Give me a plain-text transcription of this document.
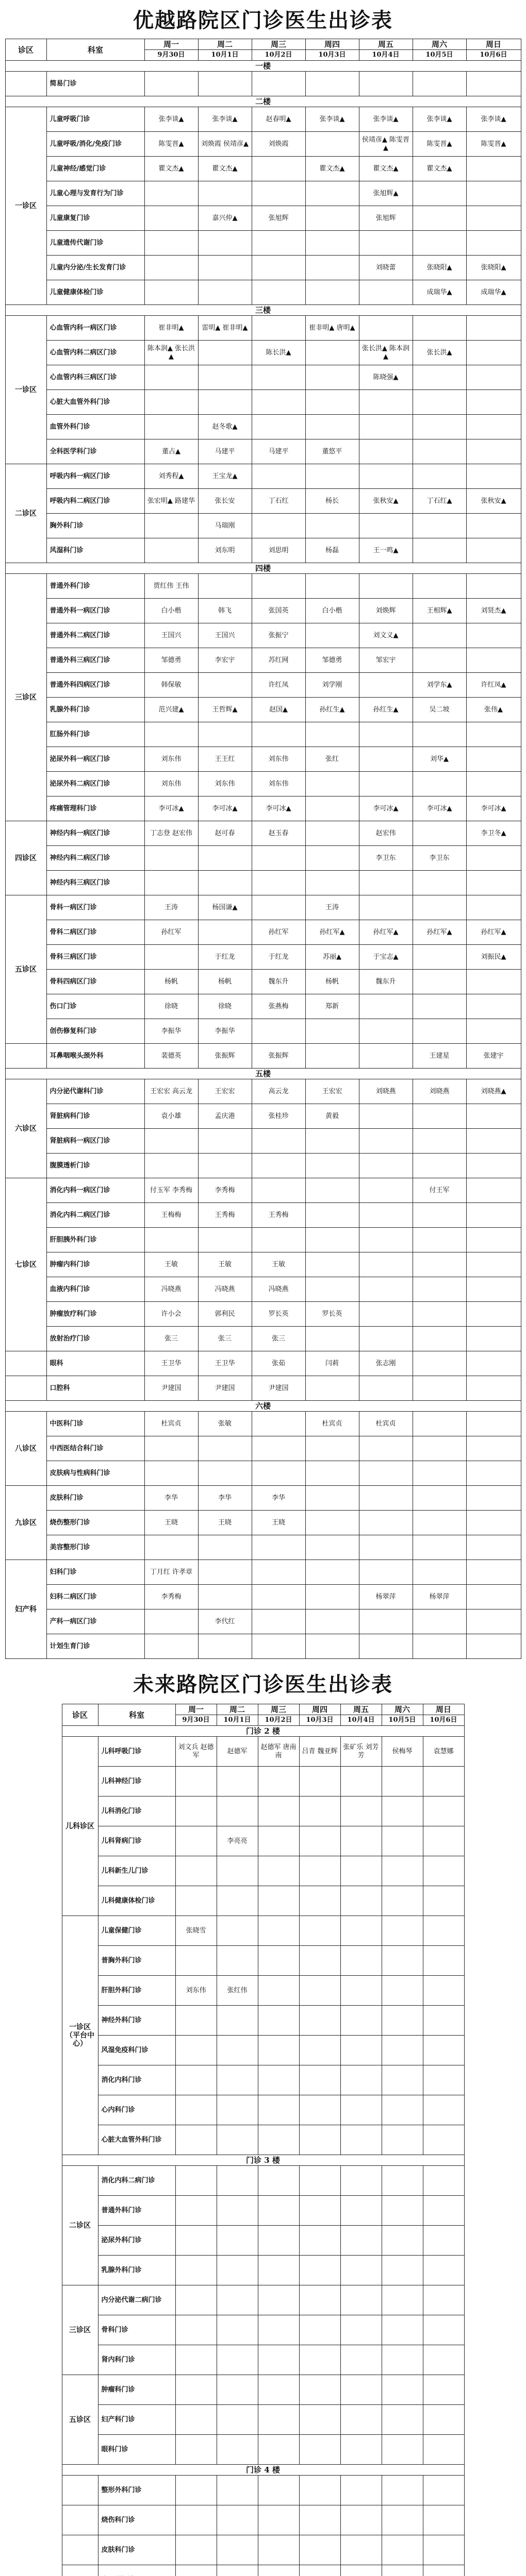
优越路院区门诊医生出诊表
诊区	科室	周一	周二	周三	周四	周五	周六	周日
		9月30日	10月1日	10月2日	10月3日	10月4日	10月5日	10月6日
一楼								
	简易门诊							
二楼								
一诊区	儿童呼吸门诊	张李谈▲	张李谈▲	赵春明▲	张李谈▲	张李谈▲	张李谈▲	张李谈▲
	儿童呼吸/消化/免疫门诊	陈雯晋▲	刘焕霞 侯靖彦▲	刘焕霞		侯靖彦▲ 陈雯晋▲	陈雯晋▲	陈雯晋▲
	儿童神经/感觉门诊	瞿文杰▲	瞿文杰▲		瞿文杰▲	瞿文杰▲	瞿文杰▲	
	儿童心理与发育行为门诊					张旭辉▲		
	儿童康复门诊		嘉兴仲▲	张旭辉		张旭辉		
	儿童遗传代谢门诊							
	儿童内分泌/生长发育门诊					刘晓蕾	张晓阳▲	张晓阳▲
	儿童健康体检门诊						成瑞华▲	成瑞华▲
三楼								
一诊区	心血管内科一病区门诊	崔非明▲	雷明▲ 崔非明▲		崔非明▲ 唐明▲			
	心血管内科二病区门诊	陈本润▲ 张长洪▲		陈长洪▲		张长洪▲ 陈本润▲	张长洪▲	
	心血管内科三病区门诊					陈晓强▲		
	心脏大血管外科门诊							
	血管外科门诊		赵冬歌▲					
	全科医学科门诊	董占▲	马建平	马建平	董悠平			
二诊区	呼吸内科一病区门诊	刘秀程▲	王宝龙▲					
	呼吸内科二病区门诊	张宏明▲ 路建华	张长安	丁石红	杨长	张秋安▲	丁石红▲	张秋安▲
	胸外科门诊		马瑞刚					
	风湿科门诊		刘东明	刘思明	杨磊	王一鸣▲		
四楼								
三诊区	普通外科门诊	贾红伟 王伟						
	普通外科一病区门诊	白小楷	韩飞	张国英	白小楷	刘焕辉	王相辉▲	刘贤杰▲
	普通外科二病区门诊	王国兴	王国兴	张振宁		刘文义▲		
	普通外科三病区门诊	邹德勇	李宏宇	苏红网	邹德勇	邹宏宇		
	普通外科四病区门诊	韩保敏		许红凤	刘学刚		刘学东▲	许红凤▲
	乳腺外科门诊	范兴建▲	王哲辉▲	赵国▲	孙红生▲	孙红生▲	吴二坡	张伟▲
	肛肠外科门诊							
	泌尿外科一病区门诊	刘东伟	王王红	刘东伟	张红		刘华▲	
	泌尿外科二病区门诊	刘东伟	刘东伟	刘东伟				
	疼痛管理科门诊	李可冰▲	李可冰▲	李可冰▲		李可冰▲	李可冰▲	李可冰▲
四诊区	神经内科一病区门诊	丁志登 赵宏伟	赵可春	赵玉春		赵宏伟		李卫冬▲
	神经内科二病区门诊					李卫东	李卫东	
	神经内科三病区门诊							
五诊区	骨科一病区门诊	王涛	杨国谦▲		王涛			
	骨科二病区门诊	孙红军		孙红军	孙红军▲	孙红军▲	孙红军▲	孙红军▲
	骨科三病区门诊		于红龙	于红龙	苏丽▲	于宝志▲		刘振民▲
	骨科四病区门诊	杨帆	杨帆	魏东升	杨帆	魏东升		
	伤口门诊	徐晓	徐晓	张燕梅	郑新			
	创伤修复科门诊	李振华	李振华					
	耳鼻咽喉头颈外科	裴德英	张振辉	张振辉			王建星	张建宇
五楼								
六诊区	内分泌代谢科门诊	王宏宏 高云龙	王宏宏	高云龙	王宏宏	刘晓燕	刘晓燕	刘晓燕▲
	肾脏病科门诊	袁小雄	孟庆港	张桂珍	黄毅			
	肾脏病科一病区门诊							
	腹膜透析门诊							
七诊区	消化内科一病区门诊	付玉军 李秀梅	李秀梅				付王军	
	消化内科二病区门诊	王梅梅	王秀梅	王秀梅				
	肝胆胰外科门诊							
	肿瘤内科门诊	王敏	王敏	王敏				
	血液内科门诊	冯晓燕	冯晓燕	冯晓燕				
	肿瘤放疗科门诊	许小会	郭利民	罗长英	罗长英			
	放射治疗门诊	张三	张三	张三				
	眼科	王卫华	王卫华	张茹	闫莉	张志刚		
	口腔科	尹建国	尹建国	尹建国				
六楼								
八诊区	中医科门诊	杜宾贞	张敏		杜宾贞	杜宾贞		
	中西医结合科门诊							
	皮肤病与性病科门诊							
九诊区	皮肤科门诊	李华	李华	李华				
	烧伤整形门诊	王晓	王晓	王晓				
	美容整形门诊							
妇产科	妇科门诊	丁月红 许孝章						
	妇科二病区门诊	李秀梅				杨翠萍	杨翠萍	
	产科一病区门诊		李代红					
	计划生育门诊							
未来路院区门诊医生出诊表
诊区	科室	周一	周二	周三	周四	周五	周六	周日
		9月30日	10月1日	10月2日	10月3日	10月4日	10月5日	10月6日
门诊 2 楼								
儿科诊区	儿科呼吸门诊	刘文兵 赵德军	赵德军	赵德军 唐南南	吕青 魏亚辉	张矿乐 刘芳芳	侯梅琴	袁慧娜
	儿科神经门诊							
	儿科消化门诊							
	儿科肾病门诊		李亮亮					
	儿科新生儿门诊							
	儿科健康体检门诊							
一诊区（平台中心）	儿童保健门诊	张晓雪						
	普胸外科门诊							
	肝胆外科门诊	刘东伟	张红伟					
	神经外科门诊							
	风湿免疫科门诊							
	消化内科门诊							
	心内科门诊							
	心脏大血管外科门诊							
门诊 3 楼								
二诊区	消化内科二病门诊							
	普通外科门诊							
	泌尿外科门诊							
	乳腺外科门诊							
三诊区	内分泌代谢二病门诊							
	骨科门诊							
	肾内科门诊							
五诊区	肿瘤科门诊							
	妇产科门诊							
	眼科门诊							
门诊 4 楼								
	整形外科门诊							
	烧伤科门诊							
	皮肤科门诊							
